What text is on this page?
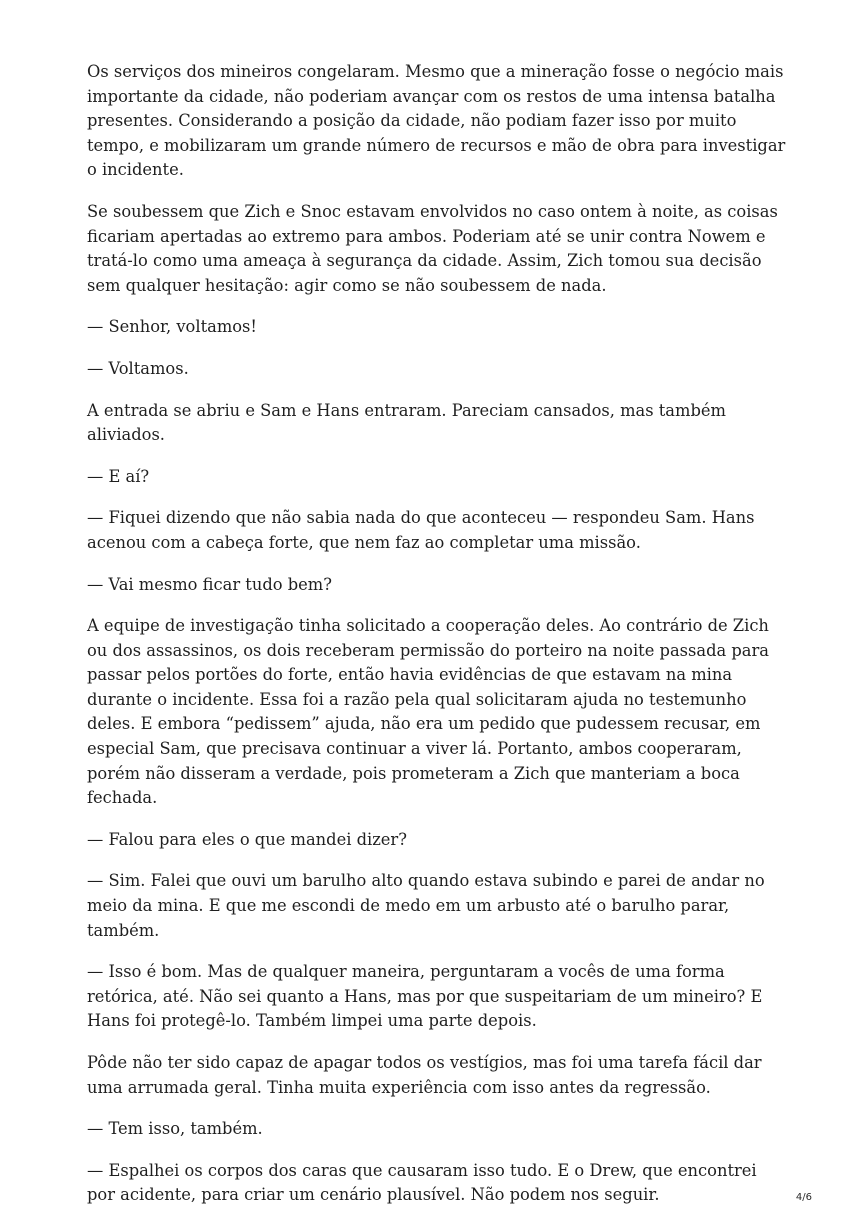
Os serviços dos mineiros congelaram. Mesmo que a mineração fosse o negócio mais importante da cidade, não poderiam avançar com os restos de uma intensa batalha presentes. Considerando a posição da cidade, não podiam fazer isso por muito tempo, e mobilizaram um grande número de recursos e mão de obra para investigar o incidente.

Se soubessem que Zich e Snoc estavam envolvidos no caso ontem à noite, as coisas ficariam apertadas ao extremo para ambos. Poderiam até se unir contra Nowem e tratá-lo como uma ameaça à segurança da cidade. Assim, Zich tomou sua decisão sem qualquer hesitação: agir como se não soubessem de nada.

— Senhor, voltamos!

— Voltamos.

A entrada se abriu e Sam e Hans entraram. Pareciam cansados, mas também aliviados.

— E aí?

— Fiquei dizendo que não sabia nada do que aconteceu — respondeu Sam. Hans acenou com a cabeça forte, que nem faz ao completar uma missão.

— Vai mesmo ficar tudo bem?

A equipe de investigação tinha solicitado a cooperação deles. Ao contrário de Zich ou dos assassinos, os dois receberam permissão do porteiro na noite passada para passar pelos portões do forte, então havia evidências de que estavam na mina durante o incidente. Essa foi a razão pela qual solicitaram ajuda no testemunho deles. E embora “pedissem” ajuda, não era um pedido que pudessem recusar, em especial Sam, que precisava continuar a viver lá. Portanto, ambos cooperaram, porém não disseram a verdade, pois prometeram a Zich que manteriam a boca fechada.

— Falou para eles o que mandei dizer?

— Sim. Falei que ouvi um barulho alto quando estava subindo e parei de andar no meio da mina. E que me escondi de medo em um arbusto até o barulho parar, também.

— Isso é bom. Mas de qualquer maneira, perguntaram a vocês de uma forma retórica, até. Não sei quanto a Hans, mas por que suspeitariam de um mineiro? E Hans foi protegê-lo. Também limpei uma parte depois.

Pôde não ter sido capaz de apagar todos os vestígios, mas foi uma tarefa fácil dar uma arrumada geral. Tinha muita experiência com isso antes da regressão.

— Tem isso, também.

— Espalhei os corpos dos caras que causaram isso tudo. E o Drew, que encontrei por acidente, para criar um cenário plausível. Não podem nos seguir.	4/6
